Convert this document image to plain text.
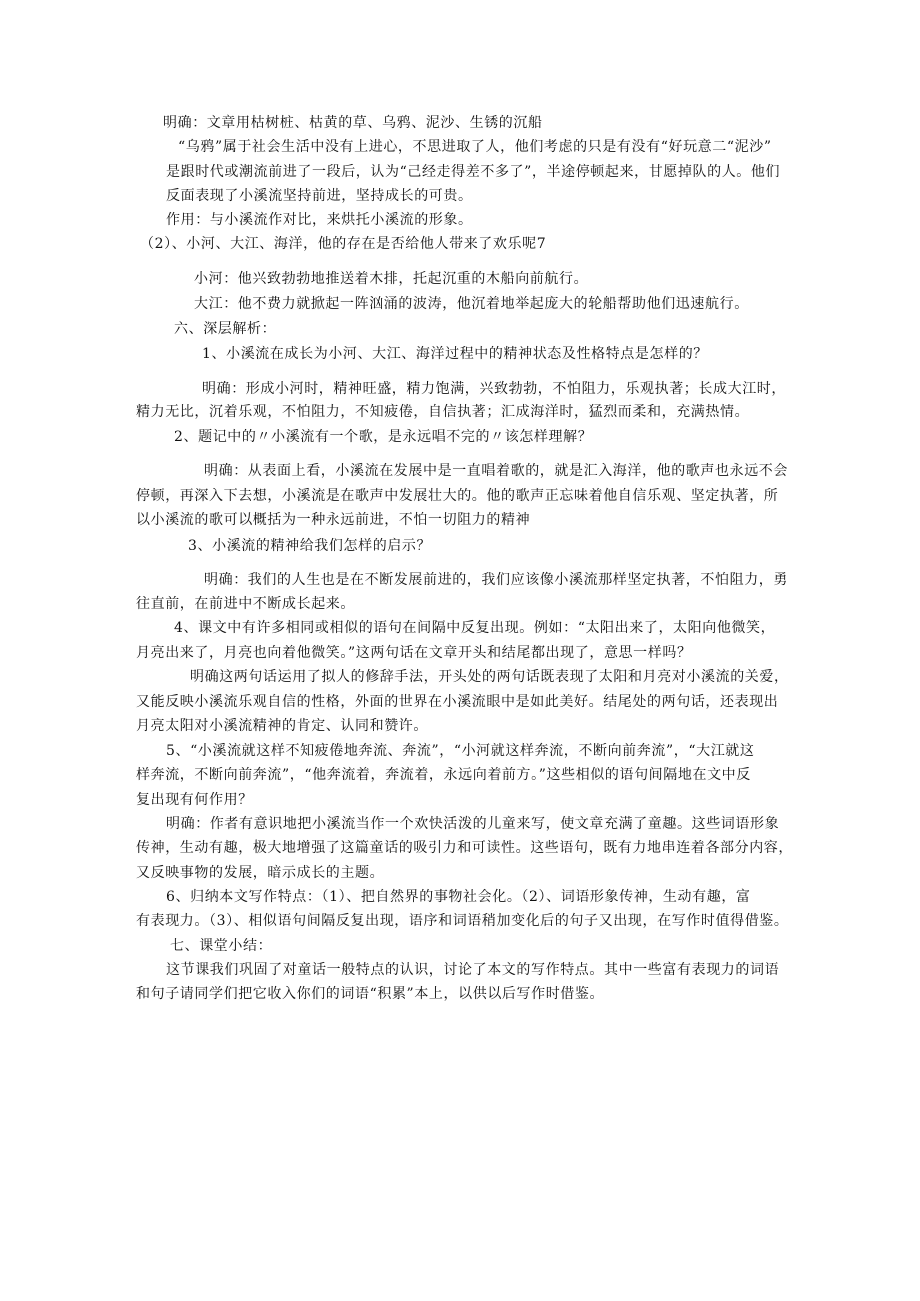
明确：文章用枯树桩、枯黄的草、乌鸦、泥沙、生锈的沉船
“乌鸦”属于社会生活中没有上进心，不思进取了人，他们考虑的只是有没有“好玩意二“泥沙”
是跟时代或潮流前进了一段后，认为“己经走得差不多了”，半途停顿起来，甘愿掉队的人。他们
反面表现了小溪流坚持前进，坚持成长的可贵。
作用：与小溪流作对比，来烘托小溪流的形象。
（2）、小河、大江、海洋，他的存在是否给他人带来了欢乐呢7
小河：他兴致勃勃地推送着木排，托起沉重的木船向前航行。
大江：他不费力就掀起一阵汹涌的波涛，他沉着地举起庞大的轮船帮助他们迅速航行。
六、深层解析：
1、小溪流在成长为小河、大江、海洋过程中的精神状态及性格特点是怎样的？
明确：形成小河时，精神旺盛，精力饱满，兴致勃勃，不怕阻力，乐观执著；长成大江时，
精力无比，沉着乐观，不怕阻力，不知疲倦，自信执著；汇成海洋时，猛烈而柔和，充满热情。
2、题记中的〃小溪流有一个歌，是永远唱不完的〃该怎样理解？
明确：从表面上看，小溪流在发展中是一直唱着歌的，就是汇入海洋，他的歌声也永远不会
停顿，再深入下去想，小溪流是在歌声中发展壮大的。他的歌声正忘味着他自信乐观、坚定执著，所
以小溪流的歌可以概括为一种永远前进，不怕一切阻力的精神
3、小溪流的精神给我们怎样的启示？
明确：我们的人生也是在不断发展前进的，我们应该像小溪流那样坚定执著，不怕阻力，勇
往直前，在前进中不断成长起来。
4、课文中有许多相同或相似的语句在间隔中反复出现。例如：“太阳出来了，太阳向他微笑，
月亮出来了，月亮也向着他微笑。”这两句话在文章开头和结尾都出现了，意思一样吗？
明确这两句话运用了拟人的修辞手法，开头处的两句话既表现了太阳和月亮对小溪流的关爱，
又能反映小溪流乐观自信的性格，外面的世界在小溪流眼中是如此美好。结尾处的两句话，还表现出
月亮太阳对小溪流精神的肯定、认同和赞许。
5、“小溪流就这样不知疲倦地奔流、奔流”，“小河就这样奔流，不断向前奔流”，“大江就这
样奔流，不断向前奔流”，“他奔流着，奔流着，永远向着前方。”这些相似的语句间隔地在文中反
复出现有何作用？
明确：作者有意识地把小溪流当作一个欢快活泼的儿童来写，使文章充满了童趣。这些词语形象
传神，生动有趣，极大地增强了这篇童话的吸引力和可读性。这些语句，既有力地串连着各部分内容，
又反映事物的发展，暗示成长的主题。
6、归纳本文写作特点：（1）、把自然界的事物社会化。（2）、词语形象传神，生动有趣，富
有表现力。（3）、相似语句间隔反复出现，语序和词语稍加变化后的句子又出现，在写作时值得借鉴。
七、课堂小结：
这节课我们巩固了对童话一般特点的认识，讨论了本文的写作特点。其中一些富有表现力的词语
和句子请同学们把它收入你们的词语“积累”本上，以供以后写作时借鉴。
